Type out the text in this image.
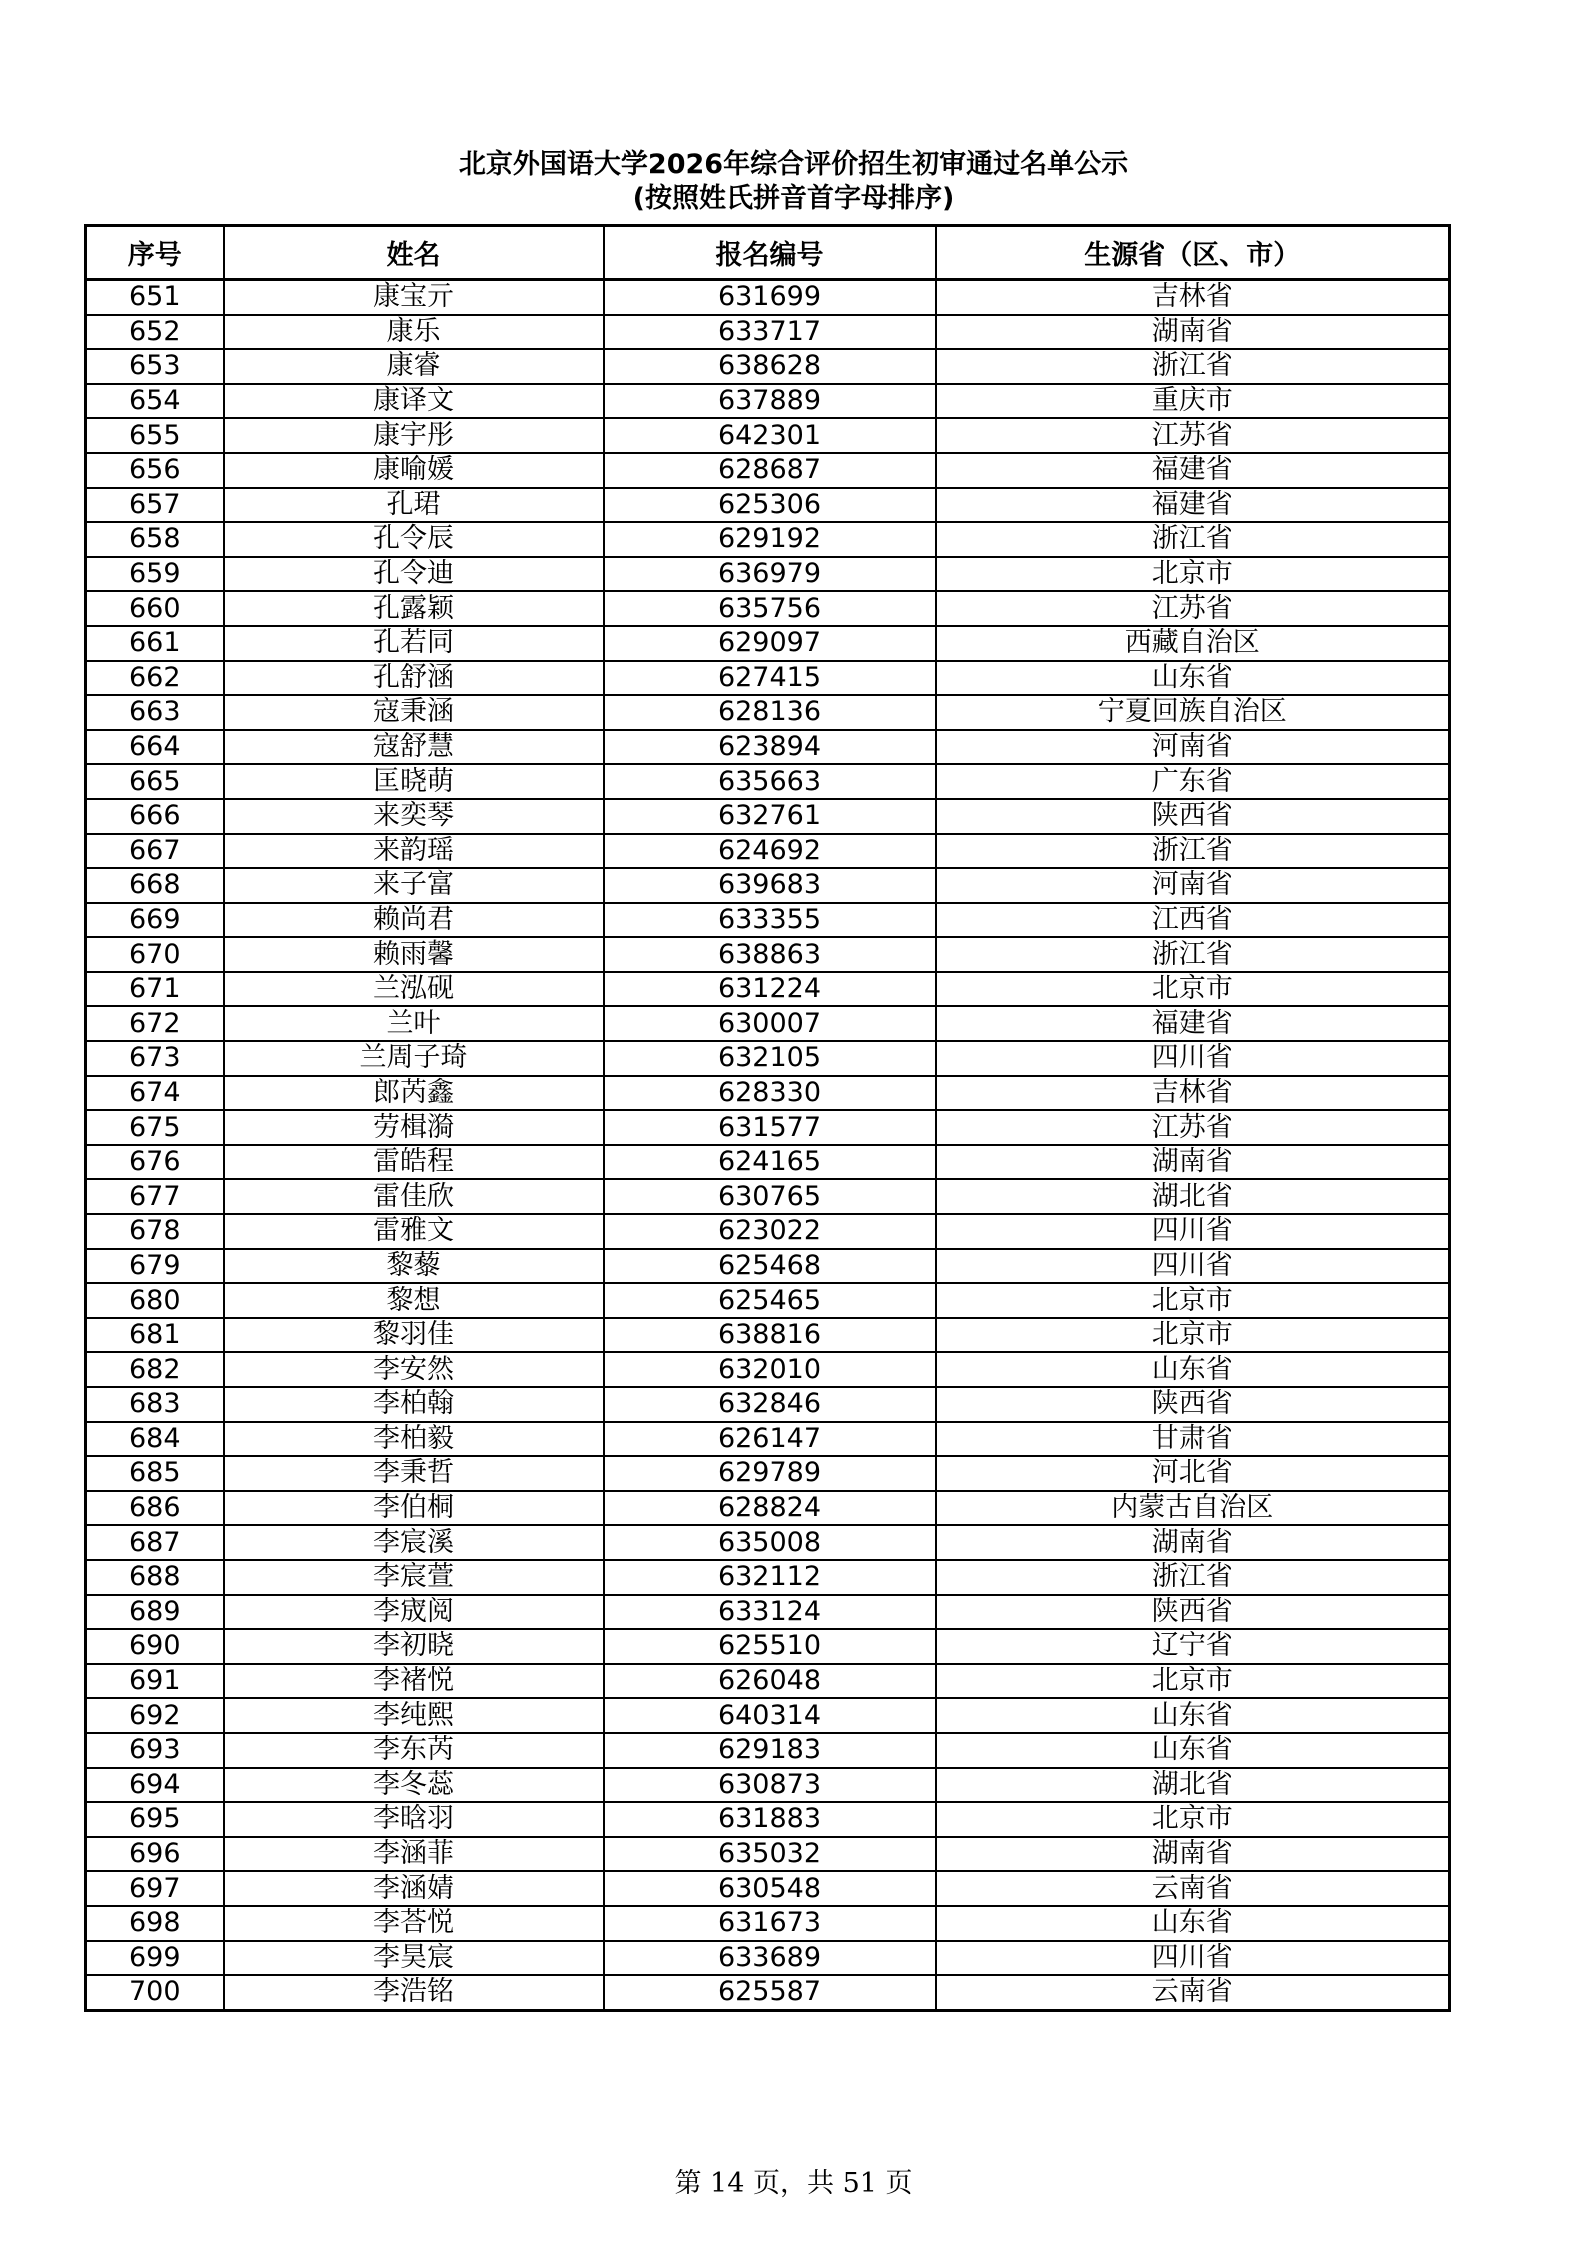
北京外国语大学2026年综合评价招生初审通过名单公示
(按照姓氏拼音首字母排序)
序号	姓名	报名编号	生源省（区、市）
651	康宝亓	631699	吉林省
652	康乐	633717	湖南省
653	康睿	638628	浙江省
654	康译文	637889	重庆市
655	康宇彤	642301	江苏省
656	康喻媛	628687	福建省
657	孔珺	625306	福建省
658	孔令辰	629192	浙江省
659	孔令迪	636979	北京市
660	孔露颖	635756	江苏省
661	孔若同	629097	西藏自治区
662	孔舒涵	627415	山东省
663	寇秉涵	628136	宁夏回族自治区
664	寇舒慧	623894	河南省
665	匡晓萌	635663	广东省
666	来奕琴	632761	陕西省
667	来韵瑶	624692	浙江省
668	来子富	639683	河南省
669	赖尚君	633355	江西省
670	赖雨馨	638863	浙江省
671	兰泓砚	631224	北京市
672	兰叶	630007	福建省
673	兰周子琦	632105	四川省
674	郎芮鑫	628330	吉林省
675	劳楫漪	631577	江苏省
676	雷皓程	624165	湖南省
677	雷佳欣	630765	湖北省
678	雷雅文	623022	四川省
679	黎藜	625468	四川省
680	黎想	625465	北京市
681	黎羽佳	638816	北京市
682	李安然	632010	山东省
683	李柏翰	632846	陕西省
684	李柏毅	626147	甘肃省
685	李秉哲	629789	河北省
686	李伯桐	628824	内蒙古自治区
687	李宸溪	635008	湖南省
688	李宸萱	632112	浙江省
689	李宬阅	633124	陕西省
690	李初晓	625510	辽宁省
691	李褚悦	626048	北京市
692	李纯熙	640314	山东省
693	李东芮	629183	山东省
694	李冬蕊	630873	湖北省
695	李晗羽	631883	北京市
696	李涵菲	635032	湖南省
697	李涵婧	630548	云南省
698	李荅悦	631673	山东省
699	李昊宸	633689	四川省
700	李浩铭	625587	云南省
第 14 页，共 51 页
